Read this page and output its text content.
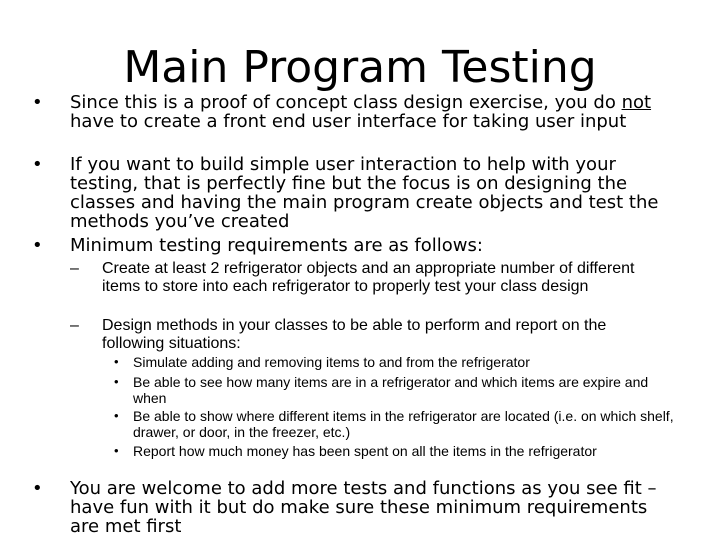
Main Program Testing
• Since this is a proof of concept class design exercise, you do not have to create a front end user interface for taking user input
• If you want to build simple user interaction to help with your testing, that is perfectly fine but the focus is on designing the classes and having the main program create objects and test the methods you’ve created
• Minimum testing requirements are as follows:
– Create at least 2 refrigerator objects and an appropriate number of different items to store into each refrigerator to properly test your class design
– Design methods in your classes to be able to perform and report on the following situations:
• Simulate adding and removing items to and from the refrigerator
• Be able to see how many items are in a refrigerator and which items are expire and when
• Be able to show where different items in the refrigerator are located (i.e. on which shelf, drawer, or door, in the freezer, etc.)
• Report how much money has been spent on all the items in the refrigerator
• You are welcome to add more tests and functions as you see fit – have fun with it but do make sure these minimum requirements are met first
